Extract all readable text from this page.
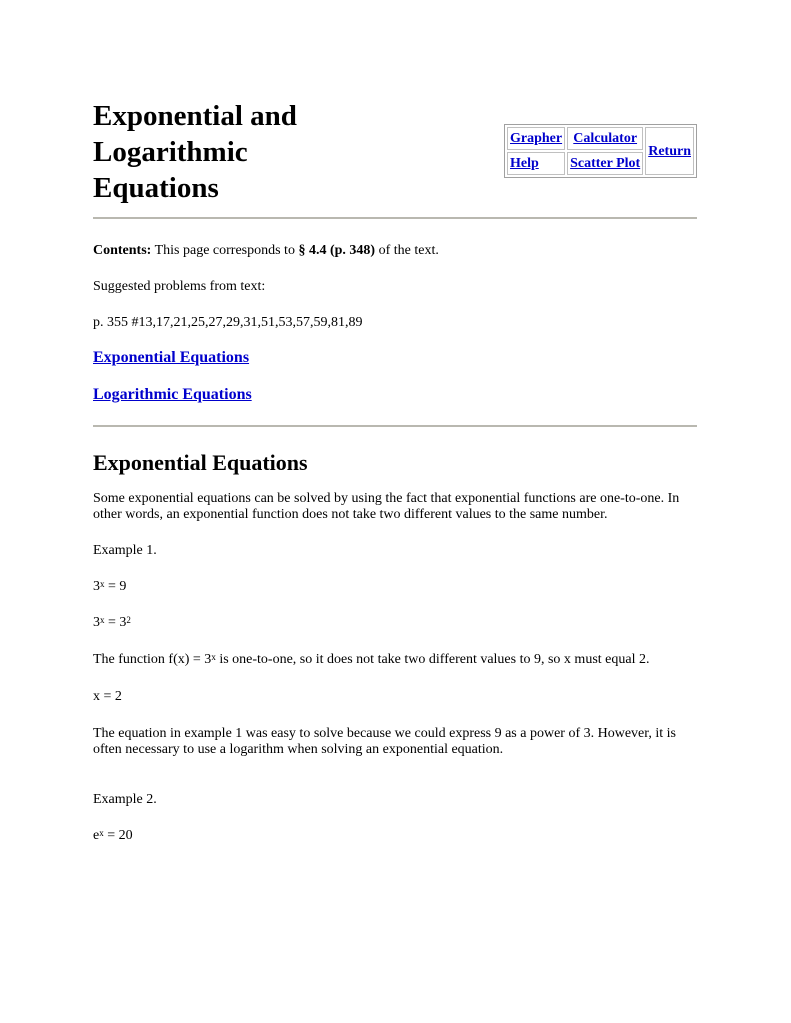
Exponential and
Logarithmic
Equations
Grapher	Calculator	Return
Help	Scatter Plot	

Contents: This page corresponds to § 4.4 (p. 348) of the text.

Suggested problems from text:

p. 355 #13,17,21,25,27,29,31,51,53,57,59,81,89

Exponential Equations
Logarithmic Equations
Exponential Equations

Some exponential equations can be solved by using the fact that exponential functions are one-to-one. In other words, an exponential function does not take two different values to the same number.

Example 1.

$3^x = 9$

$3^x = 3^2$

The function $f(x) = 3^x$ is one-to-one, so it does not take two different values to 9, so x must equal 2.

x = 2

The equation in example 1 was easy to solve because we could express 9 as a power of 3. However, it is often necessary to use a logarithm when solving an exponential equation.

Example 2.

$e^x = 20$
